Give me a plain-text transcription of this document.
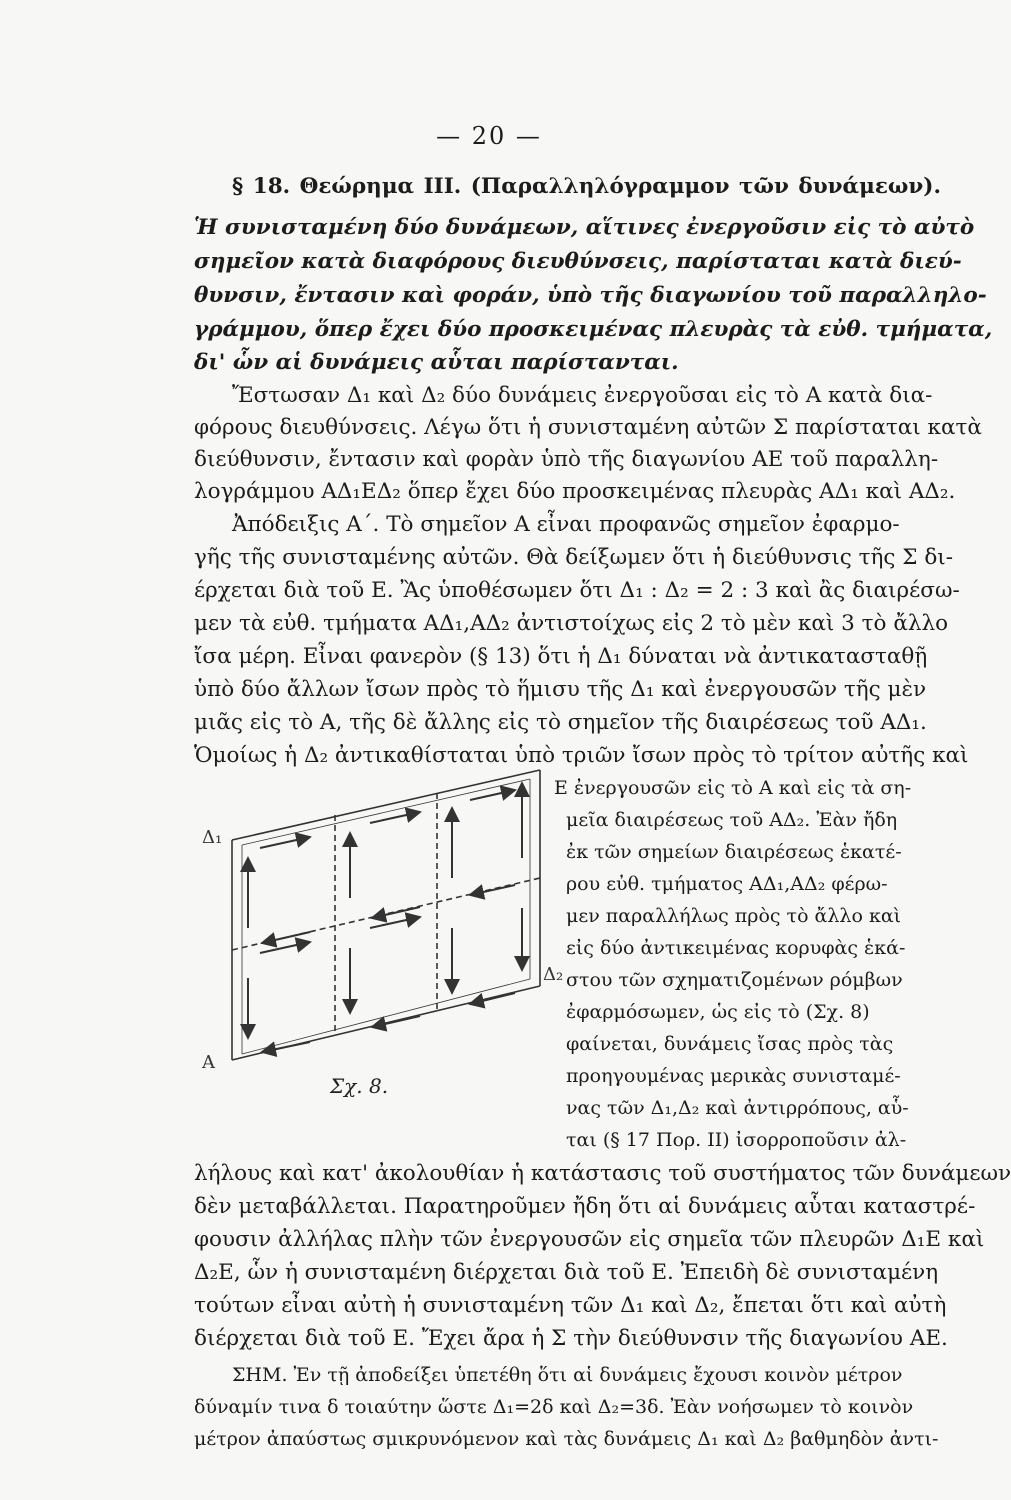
— 20 —
§ 18. Θεώρημα III. (Παραλληλόγραμμον τῶν δυνάμεων).
Ἡ συνισταμένη δύο δυνάμεων, αἵτινες ἐνεργοῦσιν εἰς τὸ αὐτὸ
σημεῖον κατὰ διαφόρους διευθύνσεις, παρίσταται κατὰ διεύ-
θυνσιν, ἔντασιν καὶ φοράν, ὑπὸ τῆς διαγωνίου τοῦ παραλληλο-
γράμμου, ὅπερ ἔχει δύο προσκειμένας πλευρὰς τὰ εὐθ. τμήματα,
δι' ὧν αἱ δυνάμεις αὗται παρίστανται.
Ἔστωσαν Δ₁ καὶ Δ₂ δύο δυνάμεις ἐνεργοῦσαι εἰς τὸ Α κατὰ δια-
φόρους διευθύνσεις. Λέγω ὅτι ἡ συνισταμένη αὐτῶν Σ παρίσταται κατὰ
διεύθυνσιν, ἔντασιν καὶ φορὰν ὑπὸ τῆς διαγωνίου ΑΕ τοῦ παραλλη-
λογράμμου ΑΔ₁ΕΔ₂ ὅπερ ἔχει δύο προσκειμένας πλευρὰς ΑΔ₁ καὶ ΑΔ₂.
Ἀπόδειξις Α΄. Τὸ σημεῖον Α εἶναι προφανῶς σημεῖον ἐφαρμο-
γῆς τῆς συνισταμένης αὐτῶν. Θὰ δείξωμεν ὅτι ἡ διεύθυνσις τῆς Σ δι-
έρχεται διὰ τοῦ Ε. Ἂς ὑποθέσωμεν ὅτι Δ₁ : Δ₂ = 2 : 3 καὶ ἂς διαιρέσω-
μεν τὰ εὐθ. τμήματα ΑΔ₁,ΑΔ₂ ἀντιστοίχως εἰς 2 τὸ μὲν καὶ 3 τὸ ἄλλο
ἴσα μέρη. Εἶναι φανερὸν (§ 13) ὅτι ἡ Δ₁ δύναται νὰ ἀντικατασταθῇ
ὑπὸ δύο ἄλλων ἴσων πρὸς τὸ ἥμισυ τῆς Δ₁ καὶ ἐνεργουσῶν τῆς μὲν
μιᾶς εἰς τὸ Α, τῆς δὲ ἄλλης εἰς τὸ σημεῖον τῆς διαιρέσεως τοῦ ΑΔ₁.
Ὁμοίως ἡ Δ₂ ἀντικαθίσταται ὑπὸ τριῶν ἴσων πρὸς τὸ τρίτον αὐτῆς καὶ
Ε ἐνεργουσῶν εἰς τὸ Α καὶ εἰς τὰ ση-
μεῖα διαιρέσεως τοῦ ΑΔ₂. Ἐὰν ἤδη
ἐκ τῶν σημείων διαιρέσεως ἑκατέ-
ρου εὐθ. τμήματος ΑΔ₁,ΑΔ₂ φέρω-
μεν παραλλήλως πρὸς τὸ ἄλλο καὶ
εἰς δύο ἀντικειμένας κορυφὰς ἑκά-
στου τῶν σχηματιζομένων ρόμβων
ἐφαρμόσωμεν, ὡς εἰς τὸ (Σχ. 8)
φαίνεται, δυνάμεις ἴσας πρὸς τὰς
προηγουμένας μερικὰς συνισταμέ-
νας τῶν Δ₁,Δ₂ καὶ ἀντιρρόπους, αὗ-
ται (§ 17 Πορ. II) ἰσορροποῦσιν ἀλ-
Δ₁
Δ₂
Α
Σχ. 8.
λήλους καὶ κατ' ἀκολουθίαν ἡ κατάστασις τοῦ συστήματος τῶν δυνάμεων
δὲν μεταβάλλεται. Παρατηροῦμεν ἤδη ὅτι αἱ δυνάμεις αὗται καταστρέ-
φουσιν ἀλλήλας πλὴν τῶν ἐνεργουσῶν εἰς σημεῖα τῶν πλευρῶν Δ₁Ε καὶ
Δ₂Ε, ὧν ἡ συνισταμένη διέρχεται διὰ τοῦ Ε. Ἐπειδὴ δὲ συνισταμένη
τούτων εἶναι αὐτὴ ἡ συνισταμένη τῶν Δ₁ καὶ Δ₂, ἔπεται ὅτι καὶ αὐτὴ
διέρχεται διὰ τοῦ Ε. Ἔχει ἄρα ἡ Σ τὴν διεύθυνσιν τῆς διαγωνίου ΑΕ.
ΣΗΜ. Ἐν τῇ ἀποδείξει ὑπετέθη ὅτι αἱ δυνάμεις ἔχουσι κοινὸν μέτρον
δύναμίν τινα δ τοιαύτην ὥστε Δ₁=2δ καὶ Δ₂=3δ. Ἐὰν νοήσωμεν τὸ κοινὸν
μέτρον ἀπαύστως σμικρυνόμενον καὶ τὰς δυνάμεις Δ₁ καὶ Δ₂ βαθμηδὸν ἀντι-
